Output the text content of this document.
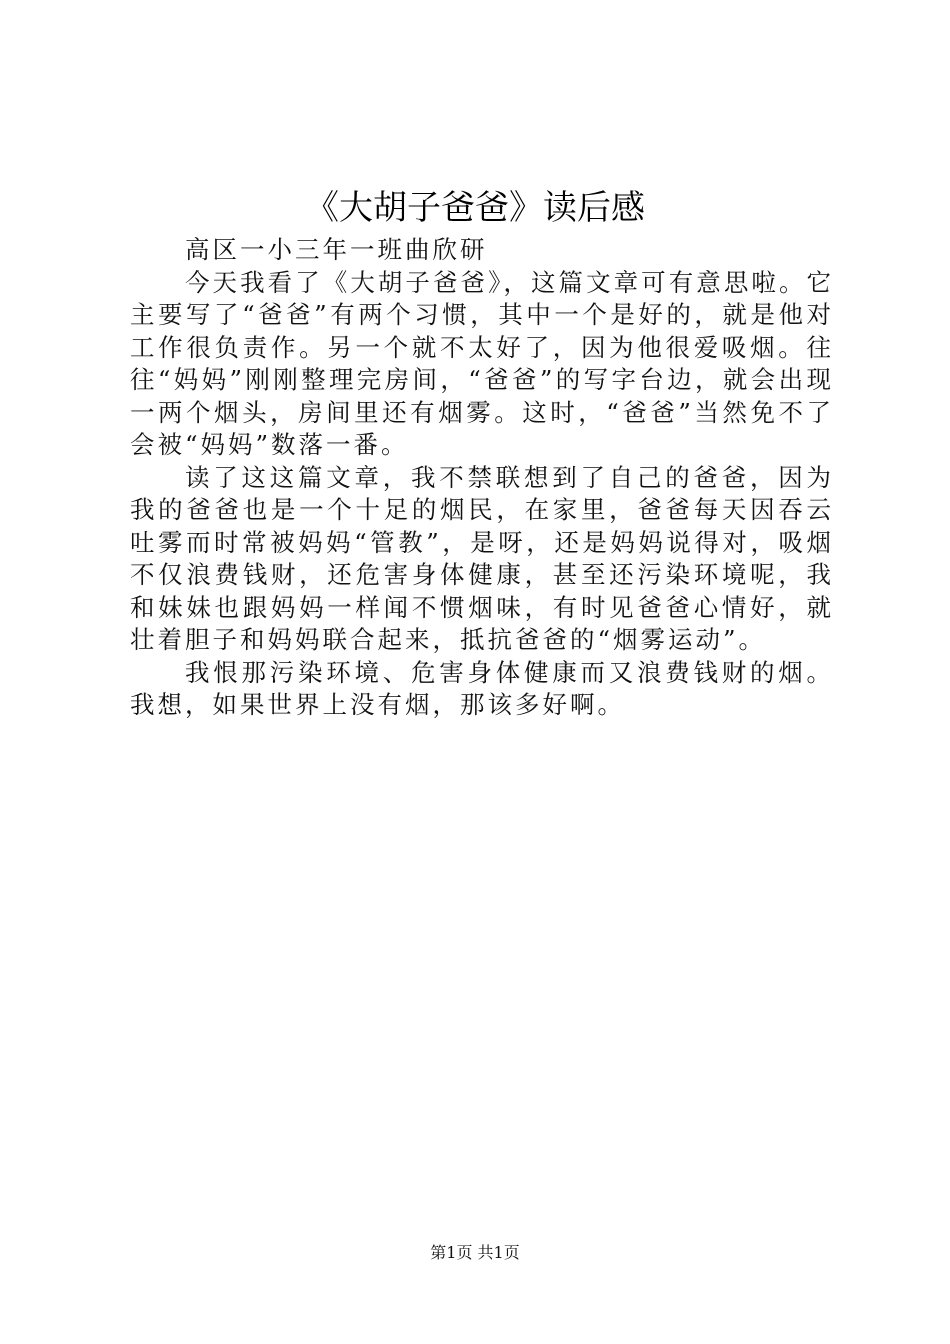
《大胡子爸爸》读后感

高区一小三年一班曲欣研

今天我看了《大胡子爸爸》，这篇文章可有意思啦。它主要写了“爸爸”有两个习惯，其中一个是好的，就是他对工作很负责作。另一个就不太好了，因为他很爱吸烟。往往“妈妈”刚刚整理完房间，“爸爸”的写字台边，就会出现一两个烟头，房间里还有烟雾。这时，“爸爸”当然免不了会被“妈妈”数落一番。

读了这这篇文章，我不禁联想到了自己的爸爸，因为我的爸爸也是一个十足的烟民，在家里，爸爸每天因吞云吐雾而时常被妈妈“管教”，是呀，还是妈妈说得对，吸烟不仅浪费钱财，还危害身体健康，甚至还污染环境呢，我和妹妹也跟妈妈一样闻不惯烟味，有时见爸爸心情好，就壮着胆子和妈妈联合起来，抵抗爸爸的“烟雾运动”。

我恨那污染环境、危害身体健康而又浪费钱财的烟。我想，如果世界上没有烟，那该多好啊。

第1页 共1页
